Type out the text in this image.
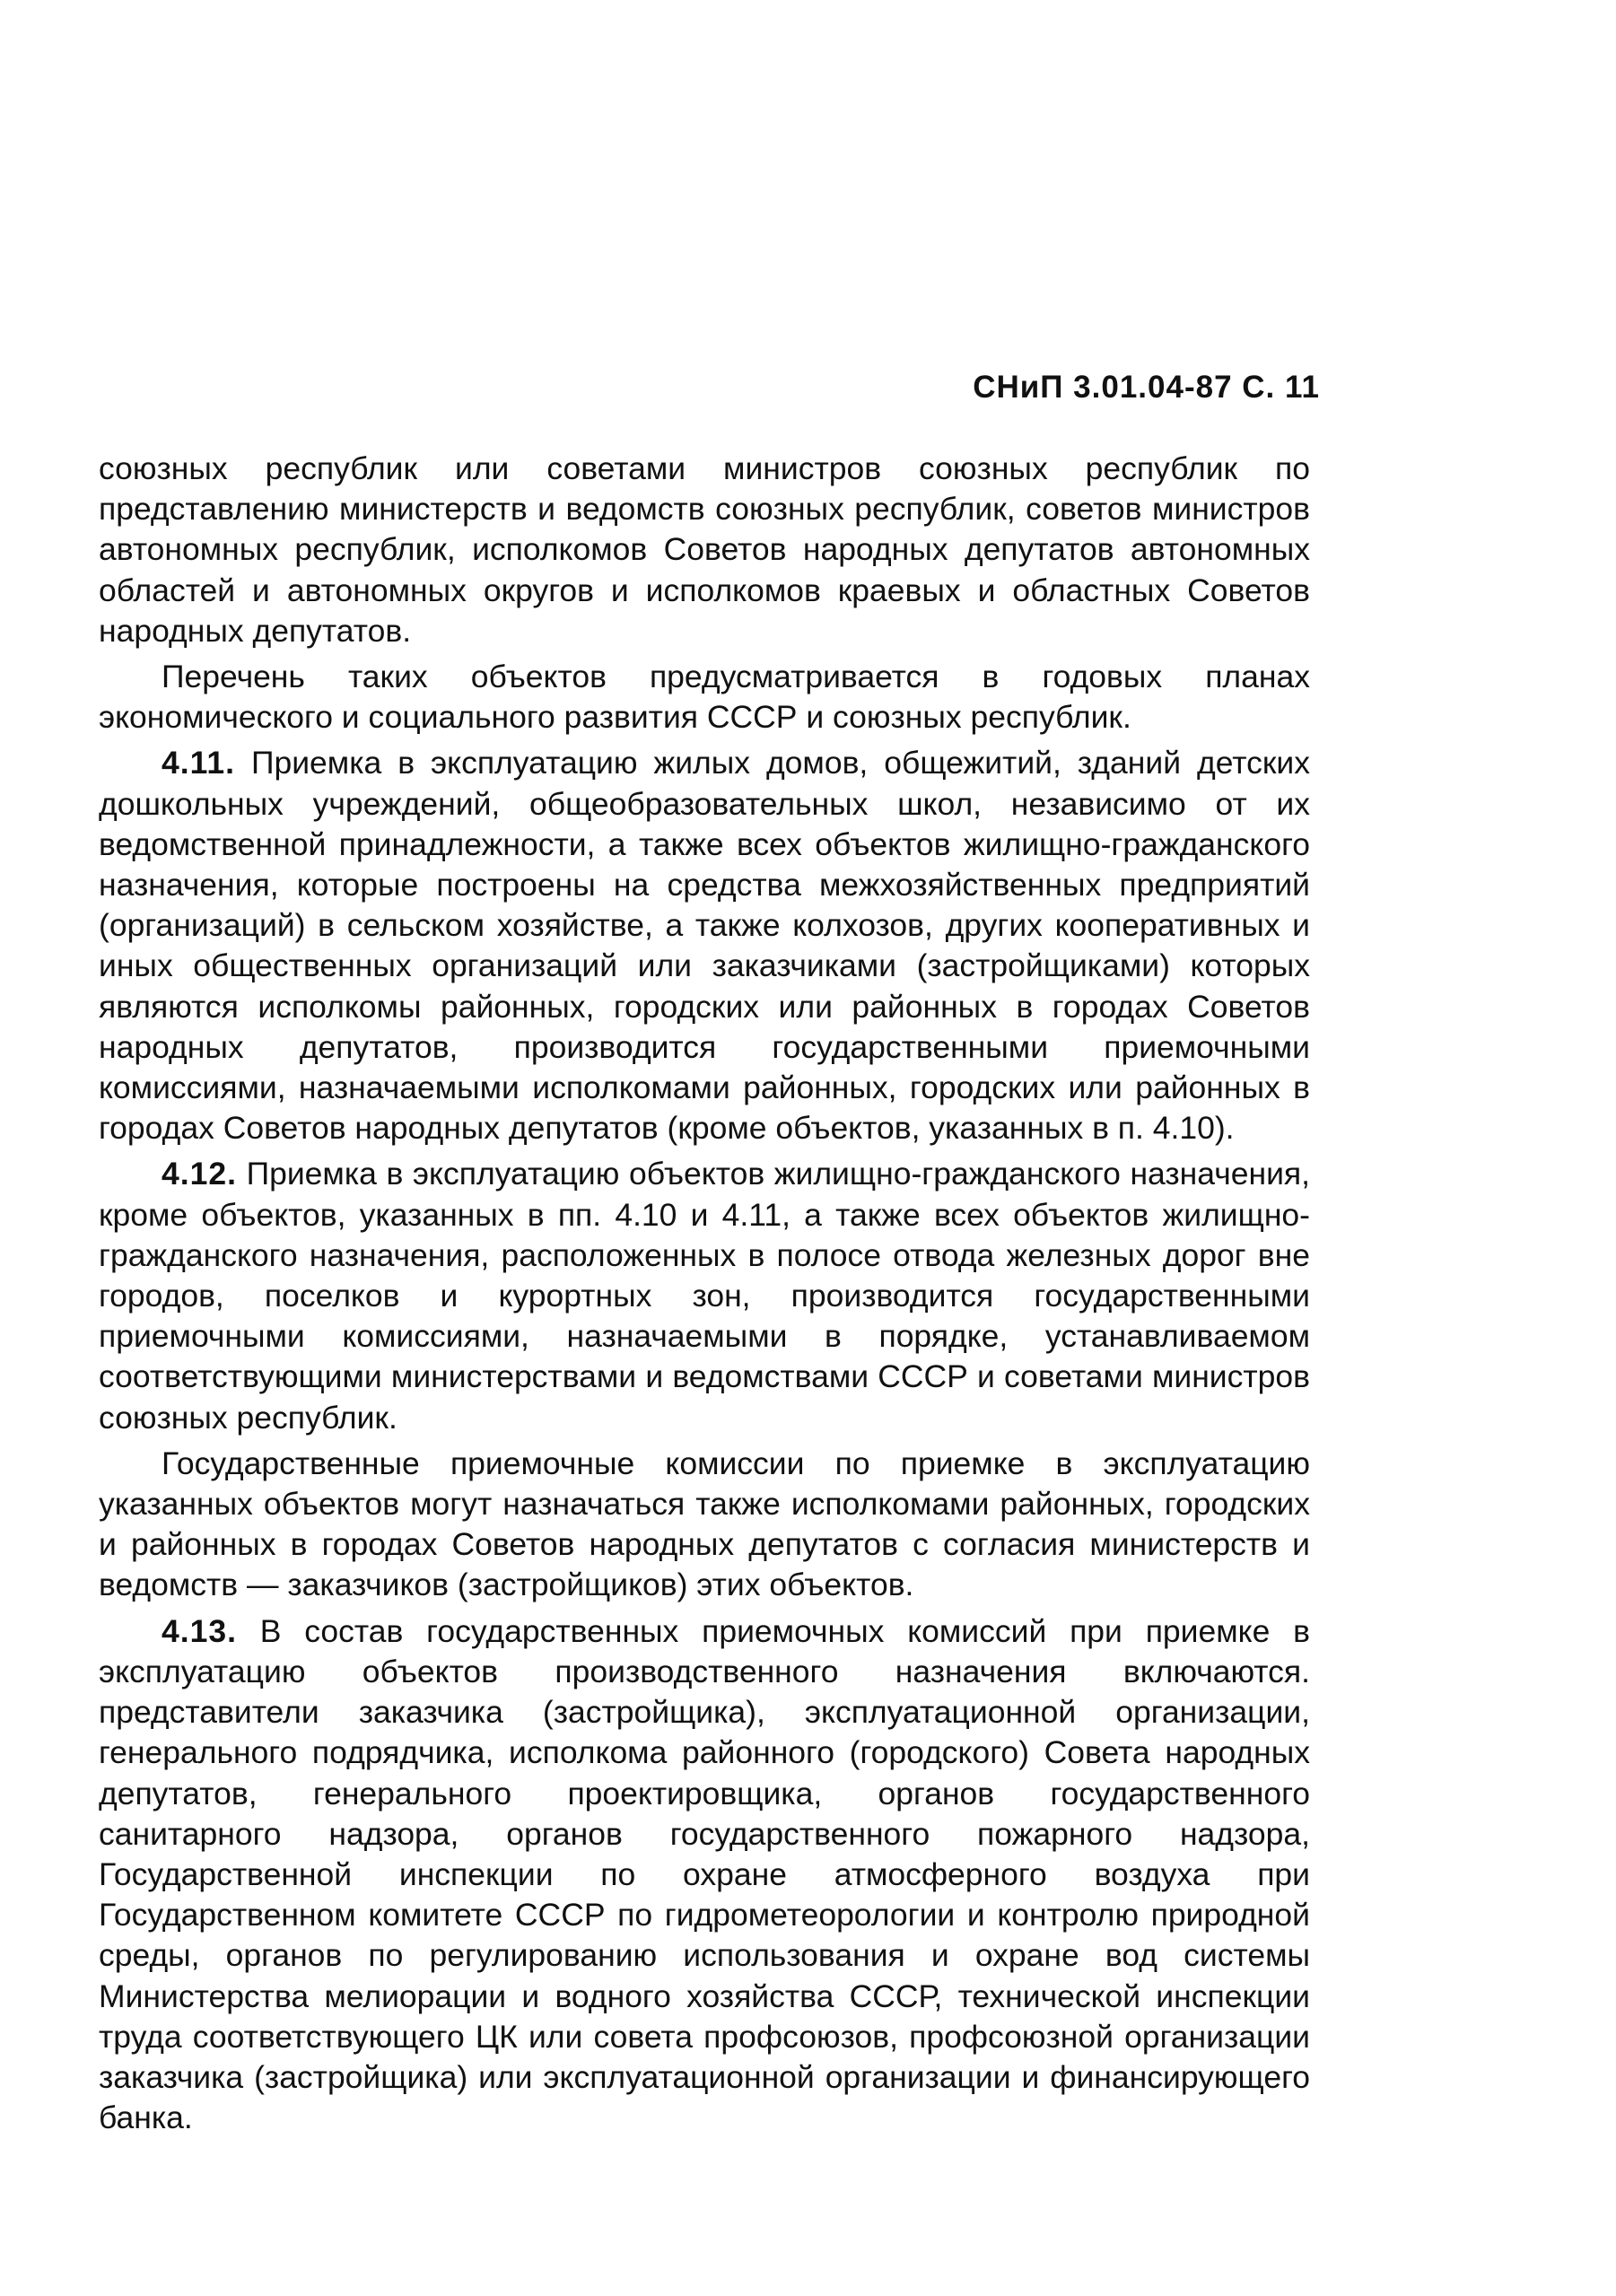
СНиП 3.01.04-87 С. 11

союзных республик или советами министров союзных республик по представлению министерств и ведомств союзных республик, советов министров автономных республик, исполкомов Советов народных депутатов автономных областей и автономных округов и исполкомов краевых и областных Советов народных депутатов.

Перечень таких объектов предусматривается в годовых планах экономического и социального развития СССР и союзных республик.

4.11. Приемка в эксплуатацию жилых домов, общежитий, зданий детских дошкольных учреждений, общеобразовательных школ, независимо от их ведомственной принадлежности, а также всех объектов жилищно-гражданского назначения, которые построены на средства межхозяйственных предприятий (организаций) в сельском хозяйстве, а также колхозов, других кооперативных и иных общественных организаций или заказчиками (застройщиками) которых являются исполкомы районных, городских или районных в городах Советов народных депутатов, производится государственными приемочными комиссиями, назначаемыми исполкомами районных, городских или районных в городах Советов народных депутатов (кроме объектов, указанных в п. 4.10).

4.12. Приемка в эксплуатацию объектов жилищно-гражданского назначения, кроме объектов, указанных в пп. 4.10 и 4.11, а также всех объектов жилищно-гражданского назначения, расположенных в полосе отвода железных дорог вне городов, поселков и курортных зон, производится государственными приемочными комиссиями, назначаемыми в порядке, устанавливаемом соответствующими министерствами и ведомствами СССР и советами министров союзных республик.

Государственные приемочные комиссии по приемке в эксплуатацию указанных объектов могут назначаться также исполкомами районных, городских и районных в городах Советов народных депутатов с согласия министерств и ведомств — заказчиков (застройщиков) этих объектов.

4.13. В состав государственных приемочных комиссий при приемке в эксплуатацию объектов производственного назначения включаются. представители заказчика (застройщика), эксплуатационной организации, генерального подрядчика, исполкома районного (городского) Совета народных депутатов, генерального проектировщика, органов государственного санитарного надзора, органов государственного пожарного надзора, Государственной инспекции по охране атмосферного воздуха при Государственном комитете СССР по гидрометеорологии и контролю природной среды, органов по регулированию использования и охране вод системы Министерства мелиорации и водного хозяйства СССР, технической инспекции труда соответствующего ЦК или совета профсоюзов, профсоюзной организации заказчика (застройщика) или эксплуатационной организации и финансирующего банка.
